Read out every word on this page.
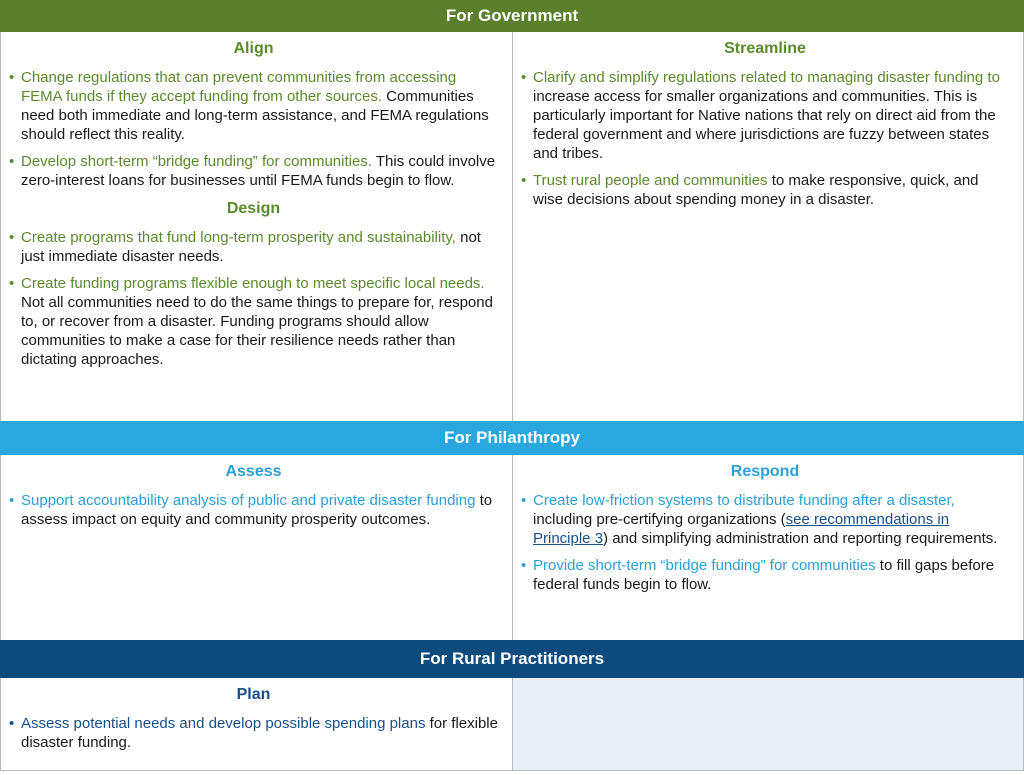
For Government
Align
• Change regulations that can prevent communities from accessing FEMA funds if they accept funding from other sources. Communities need both immediate and long-term assistance, and FEMA regulations should reflect this reality.
• Develop short-term “bridge funding” for communities. This could involve zero-interest loans for businesses until FEMA funds begin to flow.
Design
• Create programs that fund long-term prosperity and sustainability, not just immediate disaster needs.
• Create funding programs flexible enough to meet specific local needs. Not all communities need to do the same things to prepare for, respond to, or recover from a disaster. Funding programs should allow communities to make a case for their resilience needs rather than dictating approaches.
Streamline
• Clarify and simplify regulations related to managing disaster funding to increase access for smaller organizations and communities. This is particularly important for Native nations that rely on direct aid from the federal government and where jurisdictions are fuzzy between states and tribes.
• Trust rural people and communities to make responsive, quick, and wise decisions about spending money in a disaster.
For Philanthropy
Assess
• Support accountability analysis of public and private disaster funding to assess impact on equity and community prosperity outcomes.
Respond
• Create low-friction systems to distribute funding after a disaster, including pre-certifying organizations (see recommendations in Principle 3) and simplifying administration and reporting requirements.
• Provide short-term “bridge funding” for communities to fill gaps before federal funds begin to flow.
For Rural Practitioners
Plan
• Assess potential needs and develop possible spending plans for flexible disaster funding.
